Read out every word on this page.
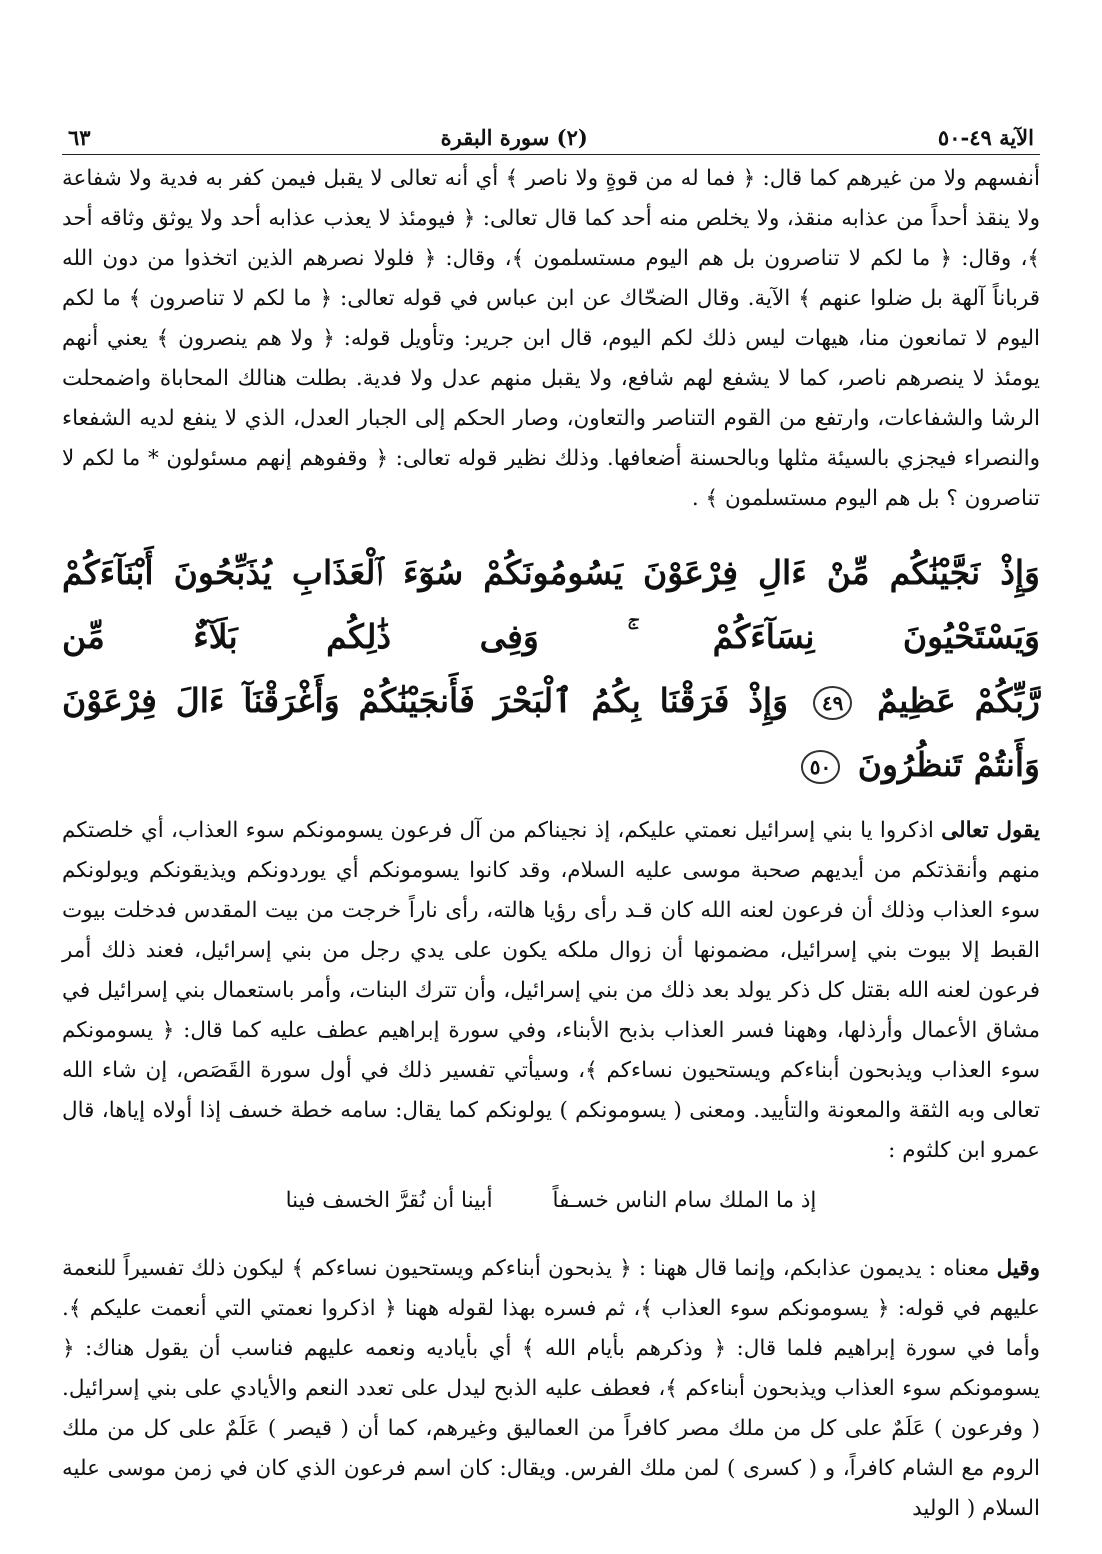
الآية ٤٩-٥٠
(٢) سورة البقرة
٦٣

أنفسهم ولا من غيرهم كما قال: ﴿ فما له من قوةٍ ولا ناصر ﴾ أي أنه تعالى لا يقبل فيمن كفر به فدية ولا شفاعة ولا ينقذ أحداً من عذابه منقذ، ولا يخلص منه أحد كما قال تعالى: ﴿ فيومئذ لا يعذب عذابه أحد ولا يوثق وثاقه أحد ﴾، وقال: ﴿ ما لكم لا تناصرون بل هم اليوم مستسلمون ﴾، وقال: ﴿ فلولا نصرهم الذين اتخذوا من دون الله قرباناً آلهة بل ضلوا عنهم ﴾ الآية. وقال الضحّاك عن ابن عباس في قوله تعالى: ﴿ ما لكم لا تناصرون ﴾ ما لكم اليوم لا تمانعون منا، هيهات ليس ذلك لكم اليوم، قال ابن جرير: وتأويل قوله: ﴿ ولا هم ينصرون ﴾ يعني أنهم يومئذ لا ينصرهم ناصر، كما لا يشفع لهم شافع، ولا يقبل منهم عدل ولا فدية. بطلت هنالك المحاباة واضمحلت الرشا والشفاعات، وارتفع من القوم التناصر والتعاون، وصار الحكم إلى الجبار العدل، الذي لا ينفع لديه الشفعاء والنصراء فيجزي بالسيئة مثلها وبالحسنة أضعافها. وذلك نظير قوله تعالى: ﴿ وقفوهم إنهم مسئولون * ما لكم لا تناصرون ؟ بل هم اليوم مستسلمون ﴾ .

وَإِذْ نَجَّيْنَٰكُم مِّنْ ءَالِ فِرْعَوْنَ يَسُومُونَكُمْ سُوٓءَ ٱلْعَذَابِ يُذَبِّحُونَ أَبْنَآءَكُمْ وَيَسْتَحْيُونَ نِسَآءَكُمْ ۚ وَفِى ذَٰلِكُم بَلَآءٌ مِّن

رَّبِّكُمْ عَظِيمٌ ٤٩ وَإِذْ فَرَقْنَا بِكُمُ ٱلْبَحْرَ فَأَنجَيْنَٰكُمْ وَأَغْرَقْنَآ ءَالَ فِرْعَوْنَ وَأَنتُمْ تَنظُرُونَ ٥٠

يقول تعالى اذكروا يا بني إسرائيل نعمتي عليكم، إذ نجيناكم من آل فرعون يسومونكم سوء العذاب، أي خلصتكم منهم وأنقذتكم من أيديهم صحبة موسى عليه السلام، وقد كانوا يسومونكم أي يوردونكم ويذيقونكم ويولونكم سوء العذاب وذلك أن فرعون لعنه الله كان قـد رأى رؤيا هالته، رأى ناراً خرجت من بيت المقدس فدخلت بيوت القبط إلا بيوت بني إسرائيل، مضمونها أن زوال ملكه يكون على يدي رجل من بني إسرائيل، فعند ذلك أمر فرعون لعنه الله بقتل كل ذكر يولد بعد ذلك من بني إسرائيل، وأن تترك البنات، وأمر باستعمال بني إسرائيل في مشاق الأعمال وأرذلها، وههنا فسر العذاب بذبح الأبناء، وفي سورة إبراهيم عطف عليه كما قال: ﴿ يسومونكم سوء العذاب ويذبحون أبناءكم ويستحيون نساءكم ﴾، وسيأتي تفسير ذلك في أول سورة القَصَص، إن شاء الله تعالى وبه الثقة والمعونة والتأييد. ومعنى ( يسومونكم ) يولونكم كما يقال: سامه خطة خسف إذا أولاه إياها، قال عمرو ابن كلثوم :

إذ ما الملك سام الناس خسـفاً
أبينا أن نُقرَّ الخسف فينا

وقيل معناه : يديمون عذابكم، وإنما قال ههنا : ﴿ يذبحون أبناءكم ويستحيون نساءكم ﴾ ليكون ذلك تفسيراً للنعمة عليهم في قوله: ﴿ يسومونكم سوء العذاب ﴾، ثم فسره بهذا لقوله ههنا ﴿ اذكروا نعمتي التي أنعمت عليكم ﴾. وأما في سورة إبراهيم فلما قال: ﴿ وذكرهم بأيام الله ﴾ أي بأياديه ونعمه عليهم فناسب أن يقول هناك: ﴿ يسومونكم سوء العذاب ويذبحون أبناءكم ﴾، فعطف عليه الذبح ليدل على تعدد النعم والأيادي على بني إسرائيل. ( وفرعون ) عَلَمٌ على كل من ملك مصر كافراً من العماليق وغيرهم، كما أن ( قيصر ) عَلَمٌ على كل من ملك الروم مع الشام كافراً، و ( كسرى ) لمن ملك الفرس. ويقال: كان اسم فرعون الذي كان في زمن موسى عليه السلام ( الوليد
